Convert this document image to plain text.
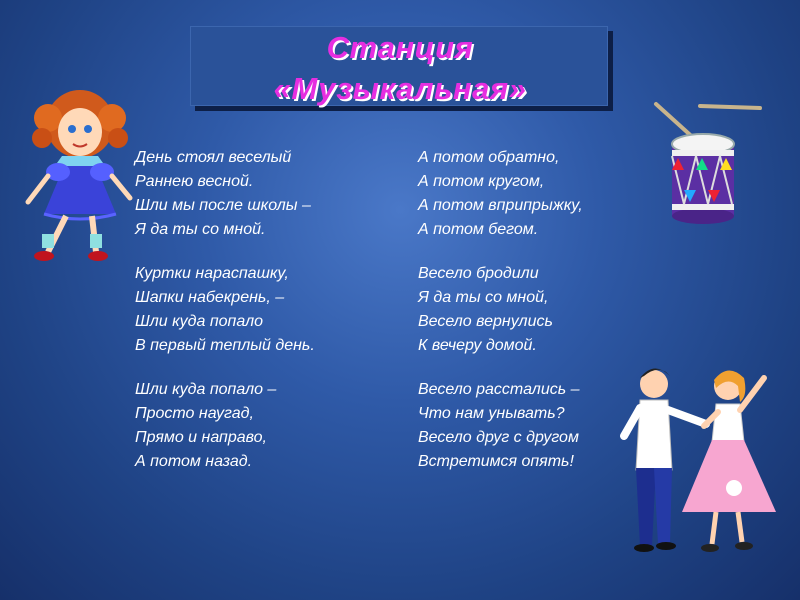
Станция
«Музыкальная»
День стоял веселый
Раннею весной.
Шли мы после школы –
Я да ты со мной.
Куртки нараспашку,
Шапки набекрень, –
Шли куда попало
В первый теплый день.
Шли куда попало –
Просто наугад,
Прямо и направо,
А потом назад.
А потом обратно,
А потом кругом,
А потом вприпрыжку,
А потом бегом.
Весело бродили
Я да ты со мной,
Весело вернулись
К вечеру домой.
Весело расстались –
Что нам унывать?
Весело друг с другом
Встретимся опять!
